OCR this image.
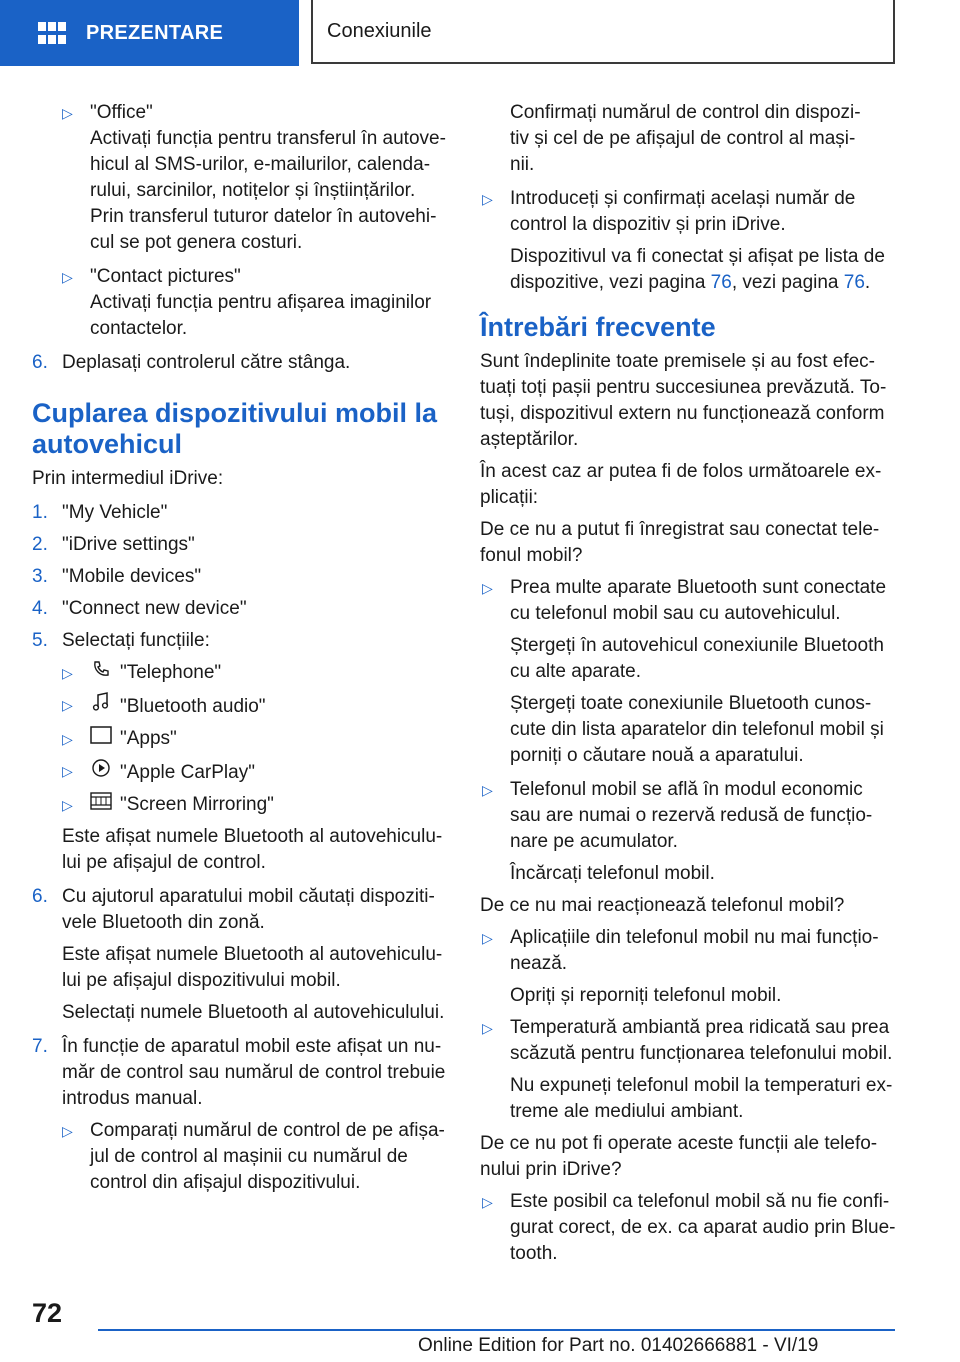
PREZENTARE	Conexiunile
▷ "Office"
Activați funcția pentru transferul în autove-
hicul al SMS-urilor, e-mailurilor, calenda-
rului, sarcinilor, notițelor și înștiințărilor.
Prin transferul tuturor datelor în autovehi-
cul se pot genera costuri.
▷ "Contact pictures"
Activați funcția pentru afișarea imaginilor
contactelor.
6. Deplasați controlerul către stânga.
Cuplarea dispozitivului mobil la
autovehicul
Prin intermediul iDrive:
1. "My Vehicle"
2. "iDrive settings"
3. "Mobile devices"
4. "Connect new device"
5. Selectați funcțiile:
▷ "Telephone"
▷ "Bluetooth audio"
▷ "Apps"
▷ "Apple CarPlay"
▷ "Screen Mirroring"
Este afișat numele Bluetooth al autovehiculu-
lui pe afișajul de control.
6. Cu ajutorul aparatului mobil căutați dispoziti-
vele Bluetooth din zonă.
Este afișat numele Bluetooth al autovehiculu-
lui pe afișajul dispozitivului mobil.
Selectați numele Bluetooth al autovehiculului.
7. În funcție de aparatul mobil este afișat un nu-
măr de control sau numărul de control trebuie
introdus manual.
▷ Comparați numărul de control de pe afișa-
jul de control al mașinii cu numărul de
control din afișajul dispozitivului.
Confirmați numărul de control din dispozi-
tiv și cel de pe afișajul de control al mași-
nii.
▷ Introduceți și confirmați același număr de
control la dispozitiv și prin iDrive.
Dispozitivul va fi conectat și afișat pe lista de
dispozitive, vezi pagina 76, vezi pagina 76.
Întrebări frecvente
Sunt îndeplinite toate premisele și au fost efec-
tuați toți pașii pentru succesiunea prevăzută. To-
tuși, dispozitivul extern nu funcționează conform
așteptărilor.
În acest caz ar putea fi de folos următoarele ex-
plicații:
De ce nu a putut fi înregistrat sau conectat tele-
fonul mobil?
▷ Prea multe aparate Bluetooth sunt conectate
cu telefonul mobil sau cu autovehiculul.
Ștergeți în autovehicul conexiunile Bluetooth
cu alte aparate.
Ștergeți toate conexiunile Bluetooth cunos-
cute din lista aparatelor din telefonul mobil și
porniți o căutare nouă a aparatului.
▷ Telefonul mobil se află în modul economic
sau are numai o rezervă redusă de funcțio-
nare pe acumulator.
Încărcați telefonul mobil.
De ce nu mai reacționează telefonul mobil?
▷ Aplicațiile din telefonul mobil nu mai funcțio-
nează.
Opriți și reporniți telefonul mobil.
▷ Temperatură ambiantă prea ridicată sau prea
scăzută pentru funcționarea telefonului mobil.
Nu expuneți telefonul mobil la temperaturi ex-
treme ale mediului ambiant.
De ce nu pot fi operate aceste funcții ale telefo-
nului prin iDrive?
▷ Este posibil ca telefonul mobil să nu fie confi-
gurat corect, de ex. ca aparat audio prin Blue-
tooth.
72
Online Edition for Part no. 01402666881 - VI/19
